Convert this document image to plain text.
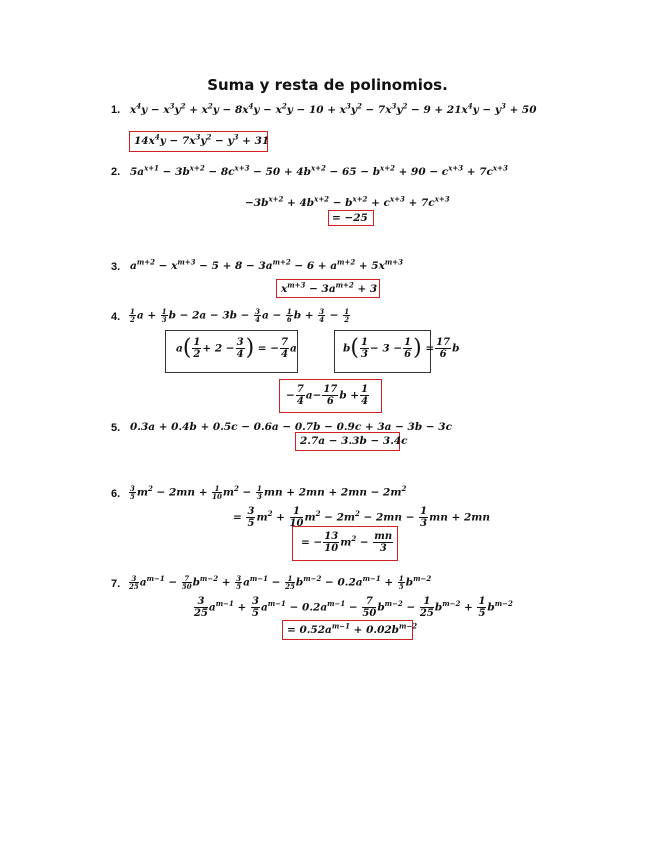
Suma y resta de polinomios.
1. $x^4y - x^3y^2 + x^2y - 8x^4y - x^2y - 10 + x^3y^2 - 7x^3y^2 - 9 + 21x^4y - y^3 + 50$
$14x^4y - 7x^3y^2 - y^3 + 31$
2. $5a^{x+1} - 3b^{x+2} - 8c^{x+3} - 50 + 4b^{x+2} - 65 - b^{x+2} + 90 - c^{x+3} + 7c^{x+3}$
$-3b^{x+2} + 4b^{x+2} - b^{x+2} + c^{x+3} + 7c^{x+3}$
= −25
3. $a^{m+2} - x^{m+3} - 5 + 8 - 3a^{m+2} - 6 + a^{m+2} + 5x^{m+3}$
$x^{m+3} - 3a^{m+2} + 3$
4. $\frac{1}{2}$ $a + \frac{1}{3}$ $b - 2a - 3b - \frac{3}{4}$ $a - \frac{1}{6}$ $b + \frac{3}{4} - \frac{1}{2}$
$a( \frac{1}{2} + 2 - \frac{3}{4}$ ) = − $\frac{7}{4}$ a	$b( \frac{1}{3} - 3 - \frac{1}{6}$ ) = $\frac{17}{6}$ b
− $\frac{7}{4} a- \frac{17}{6}$ $b + \frac{1}{4}$
5. 0.3a + 0.4b + 0.5c − 0.6a − 0.7b − 0.9c + 3a − 3b − 3c
2.7a − 3.3b − 3.4c
6. $\frac{3}{5} m^2 - 2mn + \frac{1}{10} m^2 - \frac{1}{3}$ mn + $2mn + 2mn - 2m^2$
= $\frac{3}{5} m^2 + \frac{1}{10} m^2 - 2m^2 - 2mn - \frac{1}{3}$ mn + 2mn
= − $\frac{13}{10} m^2 - \frac{mn}{3}$
7. $\frac{3}{25} a^{m-1} - \frac{7}{50} b^{m-2} + \frac{3}{5} a^{m-1} - \frac{1}{25} b^{m-2} - 0.2a^{m-1} + \frac{1}{5} b^{m-2}$
$\frac{3}{25} a^{m-1} + \frac{3}{5} a^{m-1} - 0.2a^{m-1} - \frac{7}{50} b^{m-2} - \frac{1}{25} b^{m-2} + \frac{1}{5} b^{m-2}$
= $0.52a^{m-1} + 0.02b^{m-2}$
